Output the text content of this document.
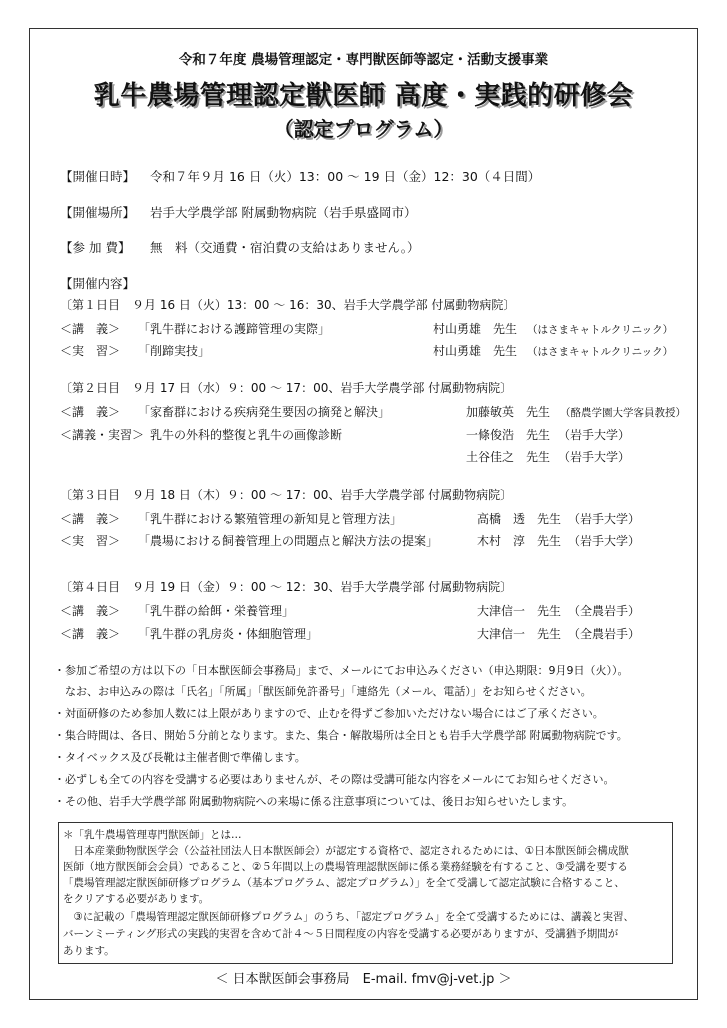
令和７年度 農場管理認定・専門獣医師等認定・活動支援事業
乳牛農場管理認定獣医師 高度・実践的研修会
（認定プログラム）
【開催日時】 令和７年９月 16 日（火）13：00 ～ 19 日（金）12：30（４日間）
【開催場所】 岩手大学農学部 附属動物病院（岩手県盛岡市）
【参 加 費】 無　料（交通費・宿泊費の支給はありません。）
【開催内容】
〔第１日目　９月 16 日（火）13：00 ～ 16：30、岩手大学農学部 付属動物病院〕
＜講　義＞ 「乳牛群における護蹄管理の実際」	村山勇雄　先生 （はさまキャトルクリニック）
＜実　習＞ 「削蹄実技」	村山勇雄　先生 （はさまキャトルクリニック）
〔第２日目　９月 17 日（水）９：00 ～ 17：00、岩手大学農学部 付属動物病院〕
＜講　義＞ 「家畜群における疾病発生要因の摘発と解決」	加藤敏英　先生 （酪農学園大学客員教授）
＜講義・実習＞ 乳牛の外科的整復と乳牛の画像診断	一條俊浩　先生 （岩手大学）
土谷佳之　先生 （岩手大学）
〔第３日目　９月 18 日（木）９：00 ～ 17：00、岩手大学農学部 付属動物病院〕
＜講　義＞ 「乳牛群における繁殖管理の新知見と管理方法」	高橋　透　先生 （岩手大学）
＜実　習＞ 「農場における飼養管理上の問題点と解決方法の提案」	木村　淳　先生 （岩手大学）
〔第４日目　９月 19 日（金）９：00 ～ 12：30、岩手大学農学部 付属動物病院〕
＜講　義＞ 「乳牛群の給餌・栄養管理」	大津信一　先生 （全農岩手）
＜講　義＞ 「乳牛群の乳房炎・体細胞管理」	大津信一　先生 （全農岩手）
・参加ご希望の方は以下の「日本獣医師会事務局」まで、メールにてお申込みください（申込期限：9月9日（火））。
　なお、お申込みの際は「氏名」「所属」「獣医師免許番号」「連絡先（メール、電話）」をお知らせください。
・対面研修のため参加人数には上限がありますので、止むを得ずご参加いただけない場合にはご了承ください。
・集合時間は、各日、開始５分前となります。また、集合・解散場所は全日とも岩手大学農学部 附属動物病院です。
・タイベックス及び長靴は主催者側で準備します。
・必ずしも全ての内容を受講する必要はありませんが、その際は受講可能な内容をメールにてお知らせください。
・その他、岩手大学農学部 附属動物病院への来場に係る注意事項については、後日お知らせいたします。
＊「乳牛農場管理専門獣医師」とは…
　日本産業動物獣医学会（公益社団法人日本獣医師会）が認定する資格で、認定されるためには、①日本獣医師会構成獣
医師（地方獣医師会会員）であること、②５年間以上の農場管理認獣医師に係る業務経験を有すること、③受講を要する
「農場管理認定獣医師研修プログラム（基本プログラム、認定プログラム）」を全て受講して認定試験に合格すること、
をクリアする必要があります。
　③に記載の「農場管理認定獣医師研修プログラム」のうち、「認定プログラム」を全て受講するためには、講義と実習、
バーンミーティング形式の実践的実習を含めて計４～５日間程度の内容を受講する必要がありますが、受講猶予期間が
あります。
＜ 日本獣医師会事務局　E-mail. fmv@j-vet.jp ＞
